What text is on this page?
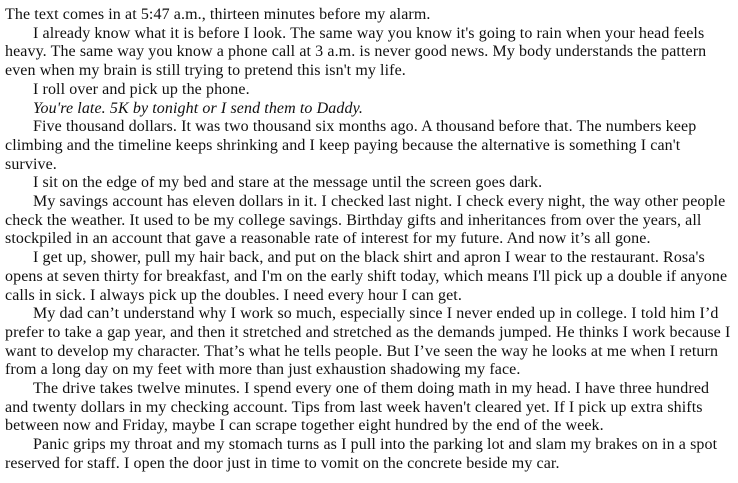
The text comes in at 5:47 a.m., thirteen minutes before my alarm.

I already know what it is before I look. The same way you know it's going to rain when your head feels heavy. The same way you know a phone call at 3 a.m. is never good news. My body understands the pattern even when my brain is still trying to pretend this isn't my life.

I roll over and pick up the phone.

You're late. 5K by tonight or I send them to Daddy.

Five thousand dollars. It was two thousand six months ago. A thousand before that. The numbers keep climbing and the timeline keeps shrinking and I keep paying because the alternative is something I can't survive.

I sit on the edge of my bed and stare at the message until the screen goes dark.

My savings account has eleven dollars in it. I checked last night. I check every night, the way other people check the weather. It used to be my college savings. Birthday gifts and inheritances from over the years, all stockpiled in an account that gave a reasonable rate of interest for my future. And now it’s all gone.

I get up, shower, pull my hair back, and put on the black shirt and apron I wear to the restaurant. Rosa's opens at seven thirty for breakfast, and I'm on the early shift today, which means I'll pick up a double if anyone calls in sick. I always pick up the doubles. I need every hour I can get.

My dad can’t understand why I work so much, especially since I never ended up in college. I told him I’d prefer to take a gap year, and then it stretched and stretched as the demands jumped. He thinks I work because I want to develop my character. That’s what he tells people. But I’ve seen the way he looks at me when I return from a long day on my feet with more than just exhaustion shadowing my face.

The drive takes twelve minutes. I spend every one of them doing math in my head. I have three hundred and twenty dollars in my checking account. Tips from last week haven't cleared yet. If I pick up extra shifts between now and Friday, maybe I can scrape together eight hundred by the end of the week.

Panic grips my throat and my stomach turns as I pull into the parking lot and slam my brakes on in a spot reserved for staff. I open the door just in time to vomit on the concrete beside my car.
